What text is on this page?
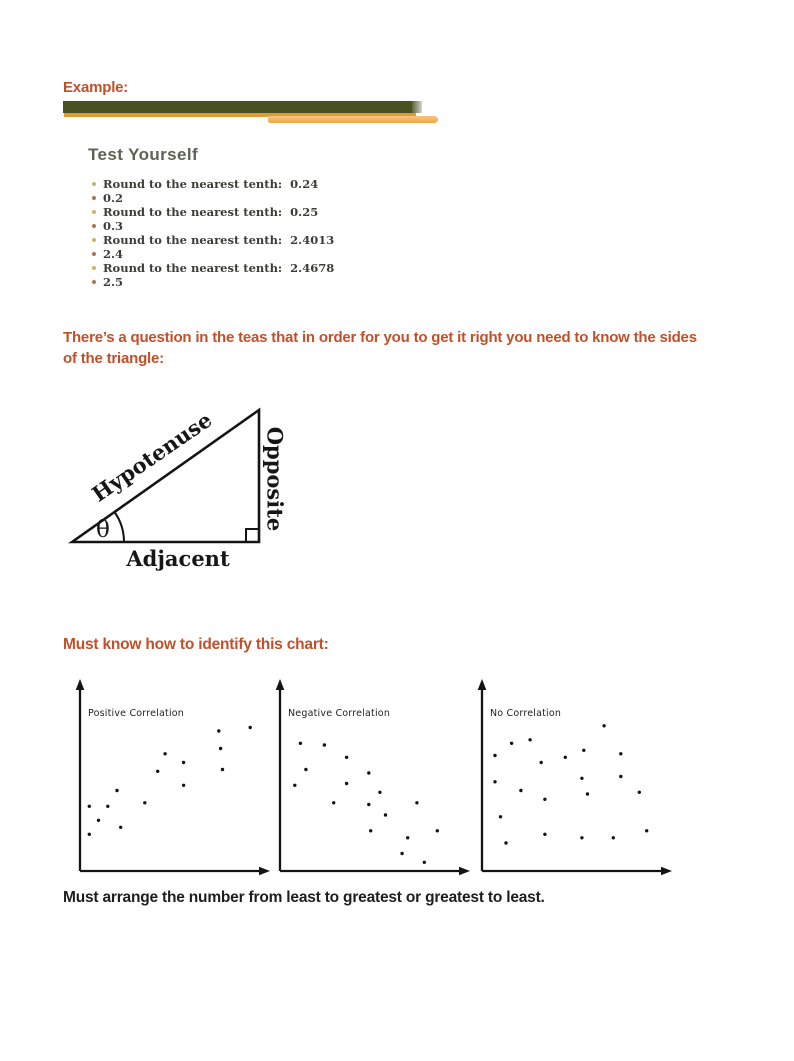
Example:
Test Yourself
Round to the nearest tenth:  0.24
0.2
Round to the nearest tenth:  0.25
0.3
Round to the nearest tenth:  2.4013
2.4
Round to the nearest tenth:  2.4678
2.5
There’s a question in the teas that in order for you to get it right you need to know the sides
of the triangle:
θ
Hypotenuse Opposite
Adjacent
Must know how to identify this chart:
Positive Correlation	Negative Correlation	No Correlation
Must arrange the number from least to greatest or greatest to least.
